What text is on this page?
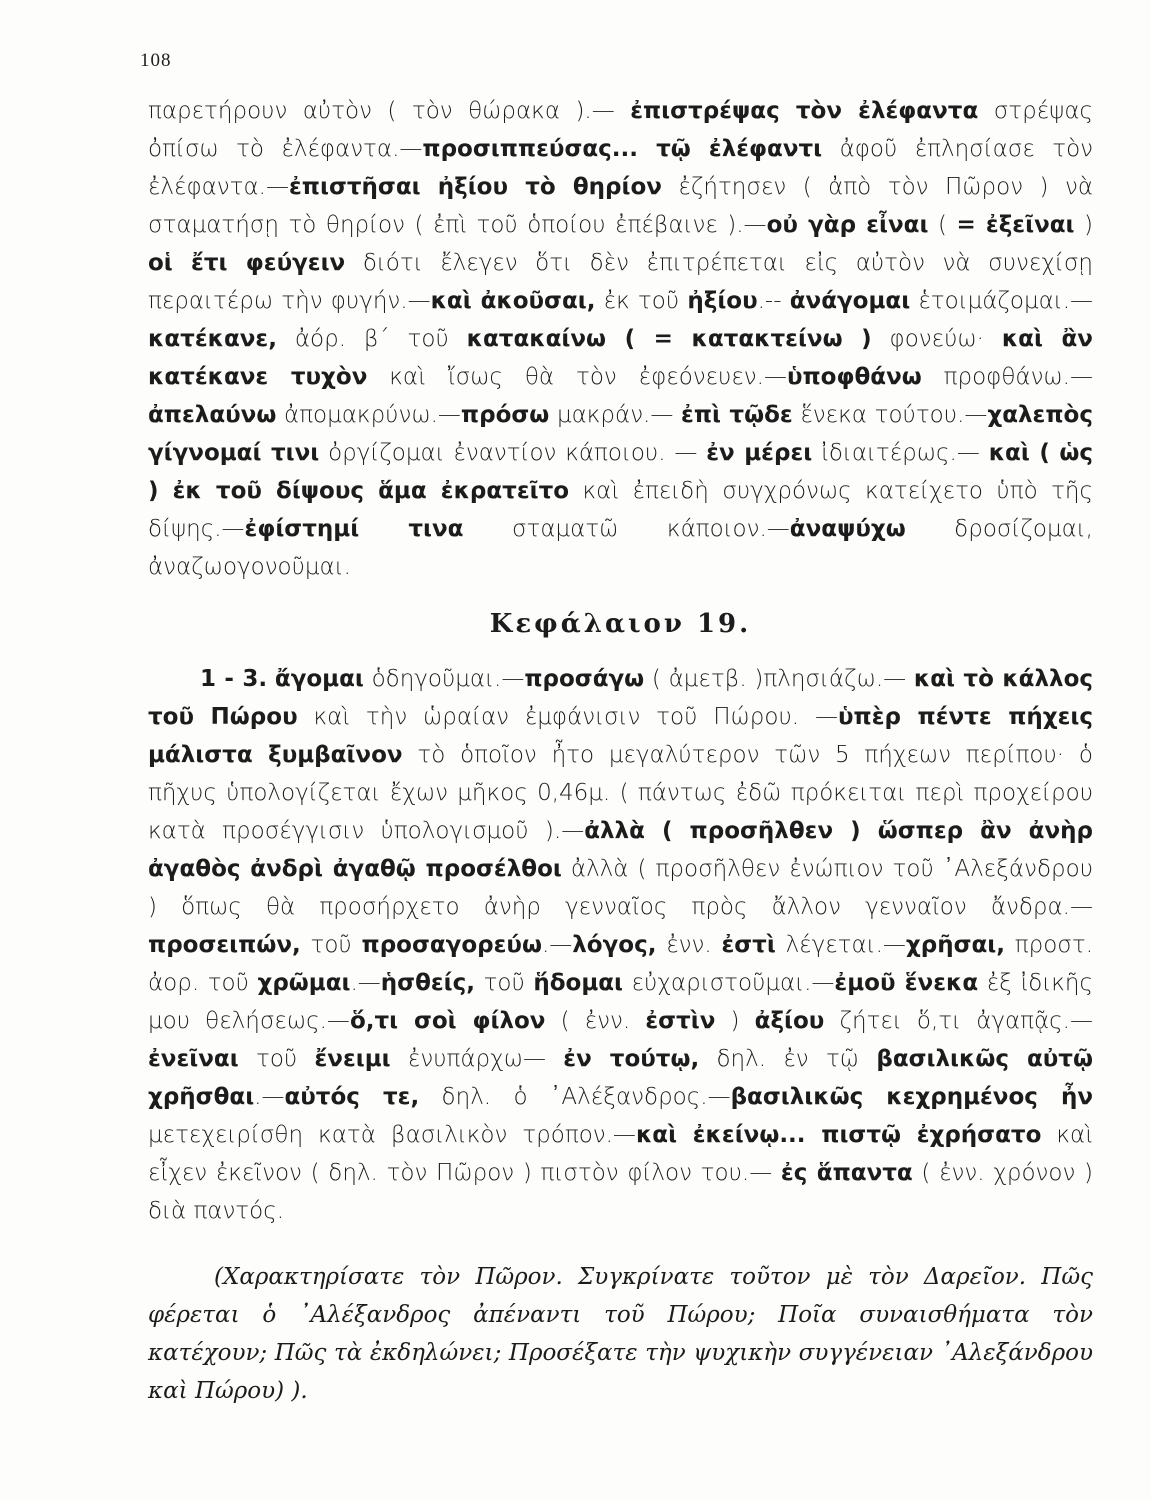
108

παρετήρουν αὐτὸν ( τὸν θώρακα ).— ἐπιστρέψας τὸν ἐλέφαντα στρέψας ὀπίσω τὸ ἐλέφαντα.—προσιππεύσας... τῷ ἐλέφαντι ἀφοῦ ἐπλησίασε τὸν ἐλέφαντα.—ἐπιστῆσαι ἠξίου τὸ θηρίον ἐζήτησεν ( ἀπὸ τὸν Πῶρον ) νὰ σταματήσῃ τὸ θηρίον ( ἐπὶ τοῦ ὁποίου ἐπέβαινε ).—οὐ γὰρ εἶναι ( = ἐξεῖναι ) οἱ ἔτι φεύγειν διότι ἔλεγεν ὅτι δὲν ἐπιτρέπεται εἰς αὐτὸν νὰ συνεχίσῃ περαιτέρω τὴν φυγήν.—καὶ ἀκοῦσαι, ἐκ τοῦ ἠξίου.-- ἀνάγομαι ἑτοιμάζομαι.— κατέκανε, ἀόρ. β΄ τοῦ κατακαίνω ( = κατακτείνω ) φονεύω· καὶ ἂν κατέκανε τυχὸν καὶ ἴσως θὰ τὸν ἐφεόνευεν.—ὑποφθάνω προφθάνω.— ἀπελαύνω ἀπομακρύνω.—πρόσω μακράν.— ἐπὶ τῷδε ἕνεκα τούτου.—χαλεπὸς γίγνομαί τινι ὀργίζομαι ἐναντίον κάποιου. — ἐν μέρει ἰδιαιτέρως.— καὶ ( ὡς ) ἐκ τοῦ δίψους ἅμα ἐκρατεῖτο καὶ ἐπειδὴ συγχρόνως κατείχετο ὑπὸ τῆς δίψης.—ἐφίστημί τινα σταματῶ κάποιον.—ἀναψύχω δροσίζομαι, ἀναζωογονοῦμαι.

Κεφάλαιον 19.

1 - 3. ἄγομαι ὁδηγοῦμαι.—προσάγω ( ἀμετβ. )πλησιάζω.— καὶ τὸ κάλλος τοῦ Πώρου καὶ τὴν ὡραίαν ἐμφάνισιν τοῦ Πώρου. —ὑπὲρ πέντε πήχεις μάλιστα ξυμβαῖνον τὸ ὁποῖον ἦτο μεγαλύτερον τῶν 5 πήχεων περίπου· ὁ πῆχυς ὑπολογίζεται ἔχων μῆκος 0,46μ. ( πάντως ἐδῶ πρόκειται περὶ προχείρου κατὰ προσέγγισιν ὑπολογισμοῦ ).—ἀλλὰ ( προσῆλθεν ) ὥσπερ ἂν ἀνὴρ ἀγαθὸς ἀνδρὶ ἀγαθῷ προσέλθοι ἀλλὰ ( προσῆλθεν ἐνώπιον τοῦ ᾿Αλεξάνδρου ) ὅπως θὰ προσήρχετο ἀνὴρ γενναῖος πρὸς ἄλλον γενναῖον ἄνδρα.—προσειπών, τοῦ προσαγορεύω.—λόγος, ἐνν. ἐστὶ λέγεται.—χρῆσαι, προστ. ἀορ. τοῦ χρῶμαι.—ἡσθείς, τοῦ ἥδομαι εὐχαριστοῦμαι.—ἐμοῦ ἕνεκα ἐξ ἰδικῆς μου θελήσεως.—ὅ,τι σοὶ φίλον ( ἐνν. ἐστὶν ) ἀξίου ζήτει ὅ,τι ἀγαπᾷς.—ἐνεῖναι τοῦ ἔνειμι ἐνυπάρχω— ἐν τούτῳ, δηλ. ἐν τῷ βασιλικῶς αὐτῷ χρῆσθαι.—αὐτός τε, δηλ. ὁ ᾿Αλέξανδρος.—βασιλικῶς κεχρημένος ἦν μετεχειρίσθη κατὰ βασιλικὸν τρόπον.—καὶ ἐκείνῳ... πιστῷ ἐχρήσατο καὶ εἶχεν ἐκεῖνον ( δηλ. τὸν Πῶρον ) πιστὸν φίλον του.— ἐς ἅπαντα ( ἐνν. χρόνον ) διὰ παντός.

(Χαρακτηρίσατε τὸν Πῶρον. Συγκρίνατε τοῦτον μὲ τὸν Δαρεῖον. Πῶς φέρεται ὁ ᾿Αλέξανδρος ἀπέναντι τοῦ Πώρου; Ποῖα συναισθήματα τὸν κατέχουν; Πῶς τὰ ἐκδηλώνει; Προσέξατε τὴν ψυχικὴν συγγένειαν ᾿Αλεξάνδρου καὶ Πώρου) ).
